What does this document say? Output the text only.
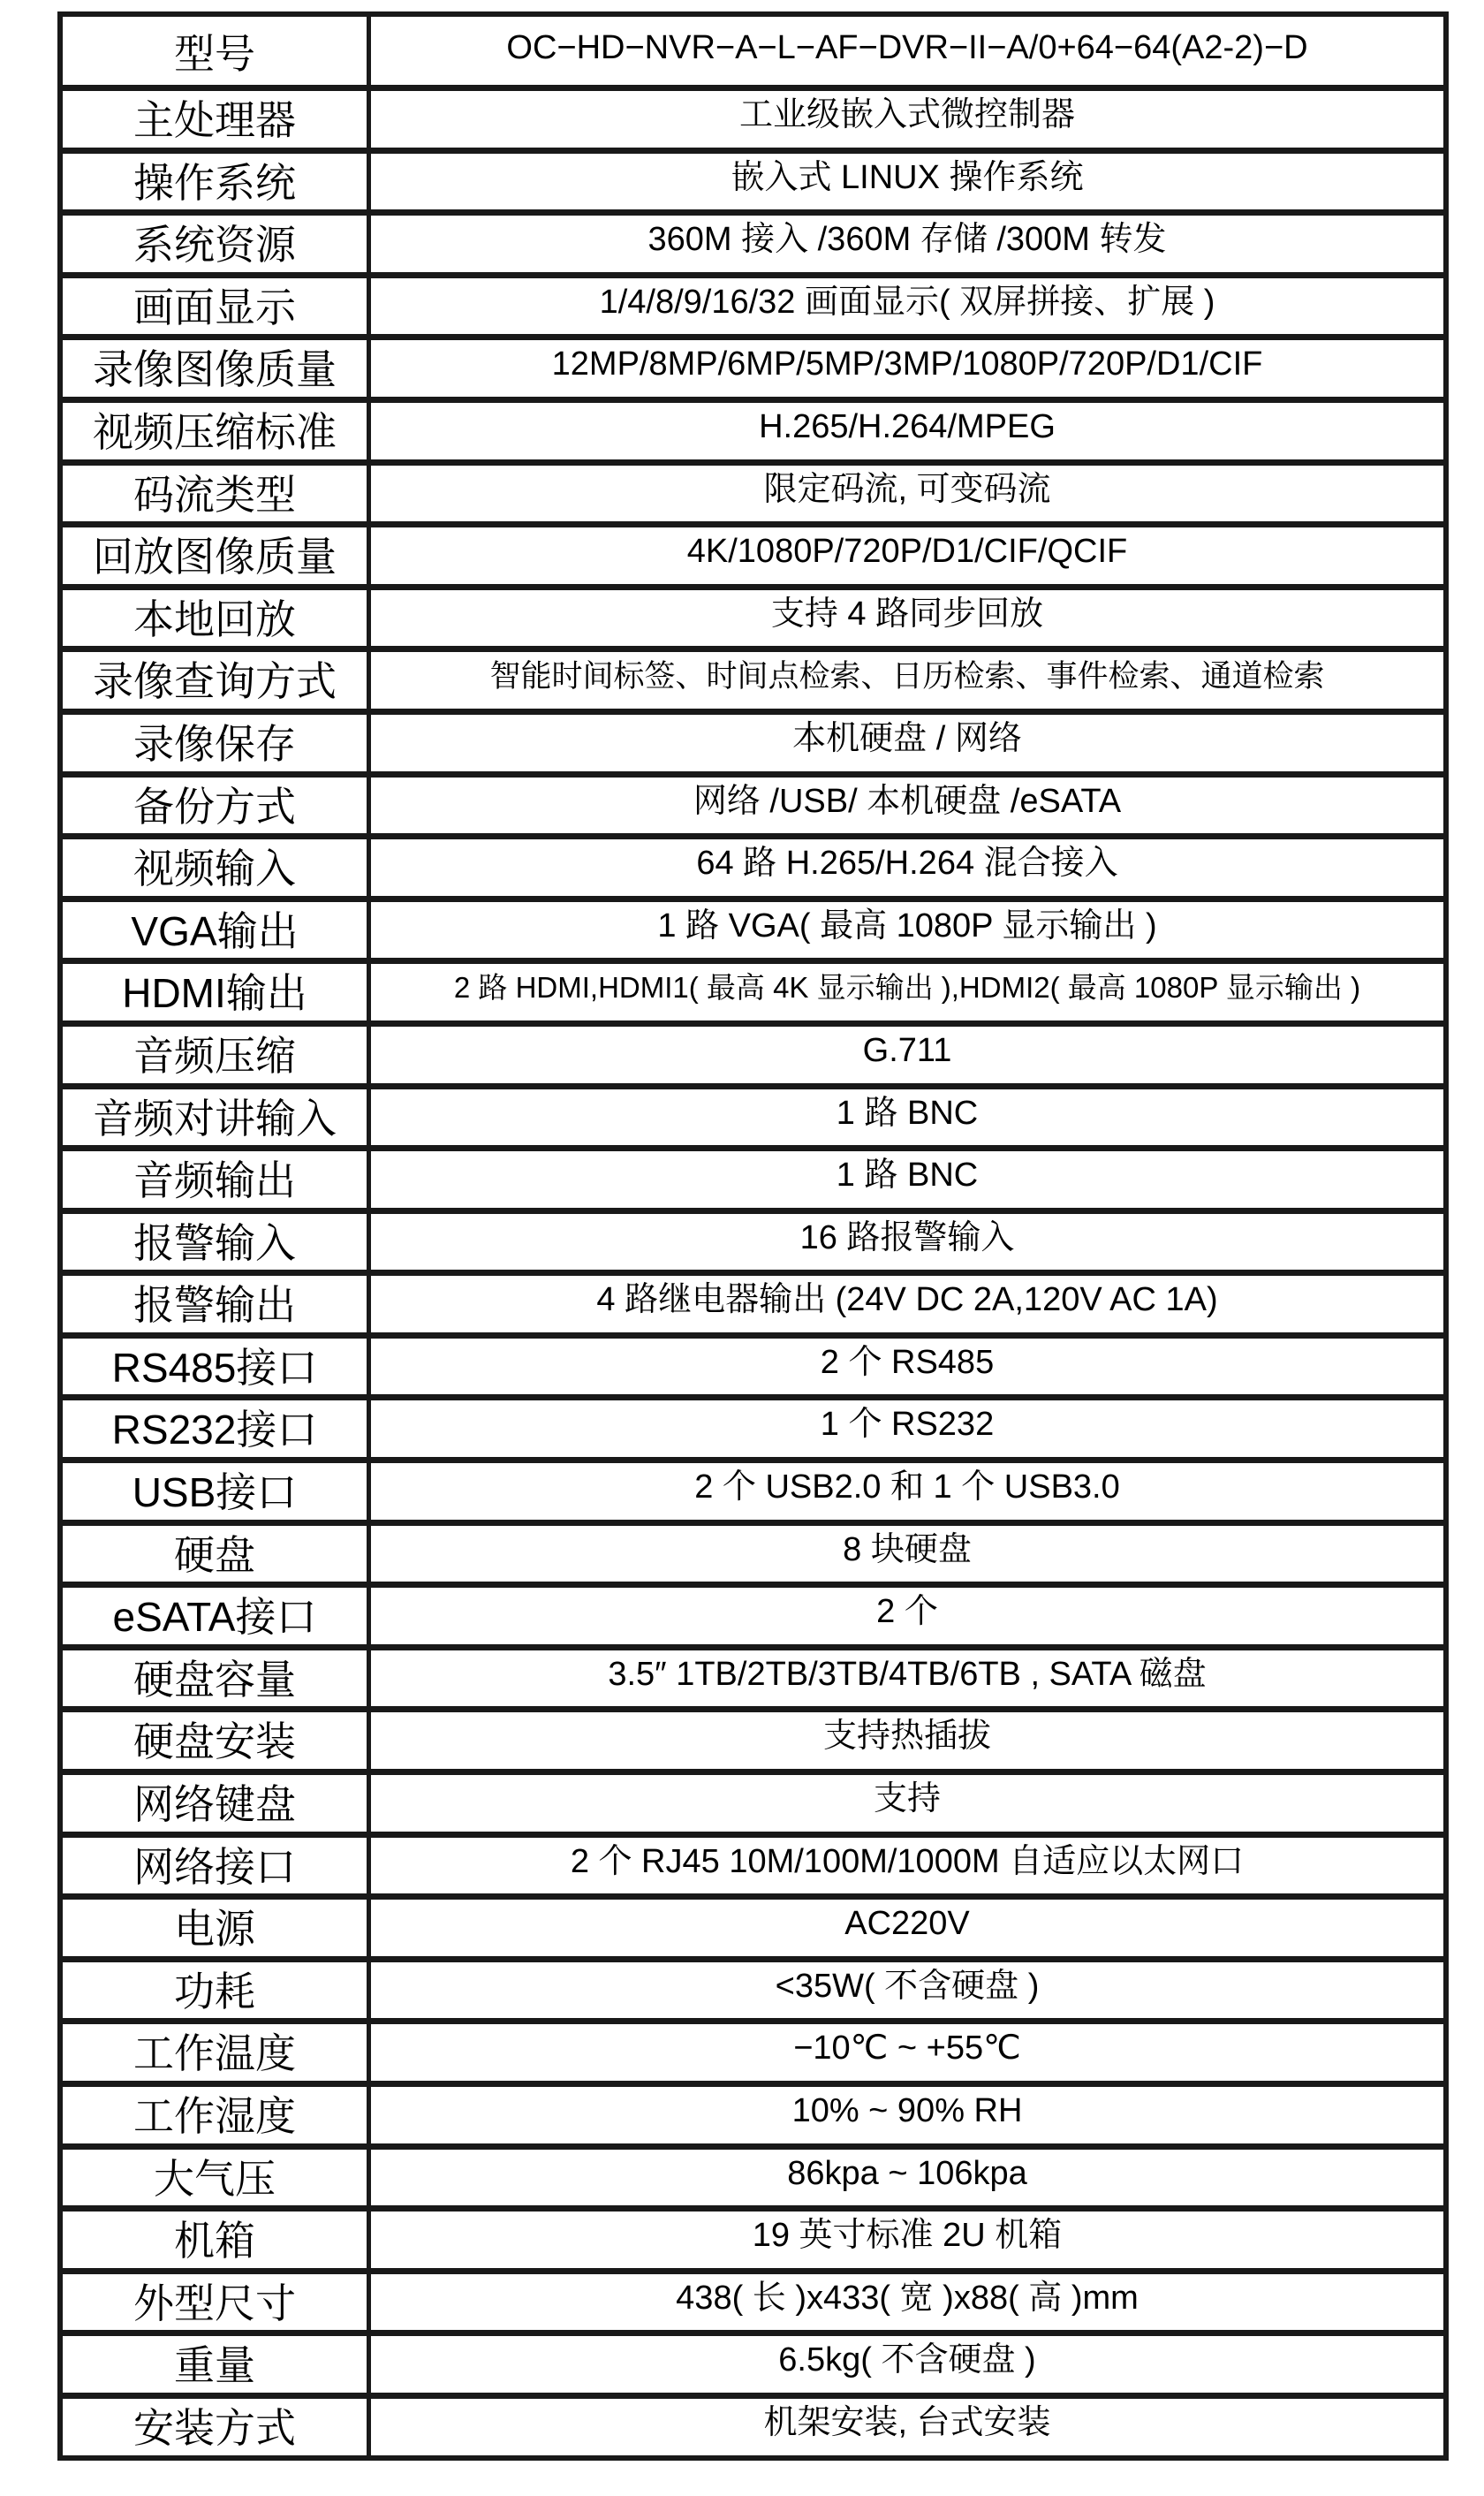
型号	OC−HD−NVR−A−L−AF−DVR−II−A/0+64−64(A2-2)−D
主处理器	工业级嵌入式微控制器
操作系统	嵌入式 LINUX 操作系统
系统资源	360M 接入 /360M 存储 /300M 转发
画面显示	1/4/8/9/16/32 画面显示( 双屏拼接、扩展 )
录像图像质量	12MP/8MP/6MP/5MP/3MP/1080P/720P/D1/CIF
视频压缩标准	H.265/H.264/MPEG
码流类型	限定码流, 可变码流
回放图像质量	4K/1080P/720P/D1/CIF/QCIF
本地回放	支持 4 路同步回放
录像查询方式	智能时间标签、时间点检索、日历检索、事件检索、通道检索
录像保存	本机硬盘 / 网络
备份方式	网络 /USB/ 本机硬盘 /eSATA
视频输入	64 路 H.265/H.264 混合接入
VGA输出	1 路 VGA( 最高 1080P 显示输出 )
HDMI输出	2 路 HDMI,HDMI1( 最高 4K 显示输出 ),HDMI2( 最高 1080P 显示输出 )
音频压缩	G.711
音频对讲输入	1 路 BNC
音频输出	1 路 BNC
报警输入	16 路报警输入
报警输出	4 路继电器输出 (24V DC 2A,120V AC 1A)
RS485接口	2 个 RS485
RS232接口	1 个 RS232
USB接口	2 个 USB2.0 和 1 个 USB3.0
硬盘	8 块硬盘
eSATA接口	2 个
硬盘容量	3.5″ 1TB/2TB/3TB/4TB/6TB , SATA 磁盘
硬盘安装	支持热插拔
网络键盘	支持
网络接口	2 个 RJ45 10M/100M/1000M 自适应以太网口
电源	AC220V
功耗	<35W( 不含硬盘 )
工作温度	−10℃ ~ +55℃
工作湿度	10% ~ 90% RH
大气压	86kpa ~ 106kpa
机箱	19 英寸标准 2U 机箱
外型尺寸	438( 长 )x433( 宽 )x88( 高 )mm
重量	6.5kg( 不含硬盘 )
安装方式	机架安装, 台式安装
